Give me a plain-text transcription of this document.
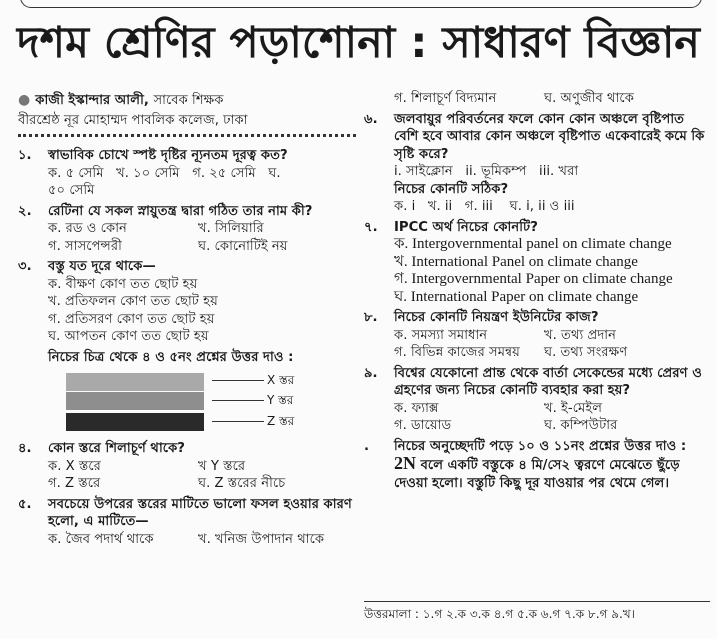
দশম শ্রেণির পড়াশোনা : সাধারণ বিজ্ঞান
● কাজী ইস্কান্দার আলী, সাবেক শিক্ষক
বীরশ্রেষ্ঠ নূর মোহাম্মদ পাবলিক কলেজ, ঢাকা
১.	স্বাভাবিক চোখে স্পষ্ট দৃষ্টির ন্যূনতম দূরত্ব কত?
ক. ৫ সেমি   খ. ১০ সেমি   গ. ২৫ সেমি   ঘ.
৫০ সেমি
২.	রেটিনা যে সকল স্নায়ুতন্ত্র দ্বারা গঠিত তার নাম কী?
ক. রড ও কোন	খ. সিলিয়ারি
গ. সাসপেন্সরী	ঘ. কোনোটিই নয়
৩.	বস্তু যত দূরে থাকে—
ক. বীক্ষণ কোণ তত ছোট হয়
খ. প্রতিফলন কোণ তত ছোট হয়
গ. প্রতিসরণ কোণ তত ছোট হয়
ঘ. আপতন কোণ তত ছোট হয়
নিচের চিত্র থেকে ৪ ও ৫নং প্রশ্নের উত্তর দাও :
X স্তর
Y স্তর
Z স্তর
৪.	কোন স্তরে শিলাচূর্ণ থাকে?
ক. X স্তরে	খ Y স্তরে
গ. Z স্তরে	ঘ. Z স্তরের নীচে
৫.	সবচেয়ে উপরের স্তরের মাটিতে ভালো ফসল হওয়ার কারণ হলো, এ মাটিতে—
ক. জৈব পদার্থ থাকে	খ. খনিজ উপাদান থাকে
গ. শিলাচূর্ণ বিদ্যমান	ঘ. অণুজীব থাকে
৬.	জলবায়ুর পরিবর্তনের ফলে কোন কোন অঞ্চলে বৃষ্টিপাত বেশি হবে আবার কোন অঞ্চলে বৃষ্টিপাত একেবারেই কমে কি সৃষ্টি করে?
i. সাইক্লোন   ii. ভূমিকম্প   iii. খরা
নিচের কোনটি সঠিক?
ক. i   খ. ii   গ. iii    ঘ. i, ii ও iii
৭.	IPCC অর্থ নিচের কোনটি?
ক. Intergovernmental panel on climate change
খ. International Panel on climate change
গ. Intergovernmental Paper on climate change
ঘ. International Paper on climate change
৮.	নিচের কোনটি নিয়ন্ত্রণ ইউনিটের কাজ?
ক. সমস্যা সমাধান	খ. তথ্য প্রদান
গ. বিভিন্ন কাজের সমন্বয়	ঘ. তথ্য সংরক্ষণ
৯.	বিশ্বের যেকোনো প্রান্ত থেকে বার্তা সেকেন্ডের মধ্যে প্রেরণ ও গ্রহণের জন্য নিচের কোনটি ব্যবহার করা হয়?
ক. ফ্যাক্স	খ. ই-মেইল
গ. ডায়োড	ঘ. কম্পিউটার
.	নিচের অনুচ্ছেদটি পড়ে ১০ ও ১১নং প্রশ্নের উত্তর দাও :
2N বলে একটি বস্তুকে ৪ মি/সে২ ত্বরণে মেঝেতে ছুঁড়ে দেওয়া হলো। বস্তুটি কিছু দূর যাওয়ার পর থেমে গেল।
উত্তরমালা : ১.গ ২.ক ৩.ক ৪.গ ৫.ক ৬.গ ৭.ক ৮.গ ৯.খ।
